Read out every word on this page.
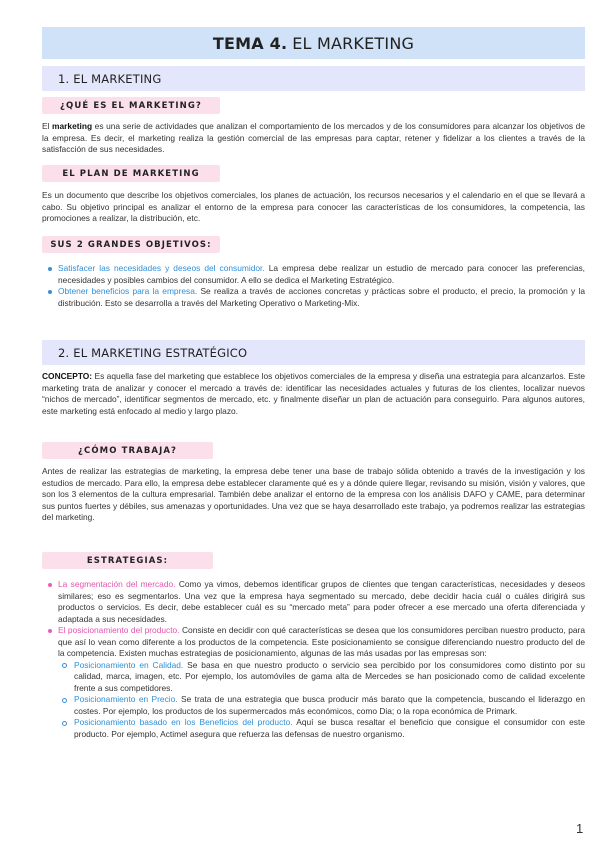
TEMA 4. EL MARKETING
1. EL MARKETING
¿QUÉ ES EL MARKETING?
El marketing es una serie de actividades que analizan el comportamiento de los mercados y de los consumidores para alcanzar los objetivos de la empresa. Es decir, el marketing realiza la gestión comercial de las empresas para captar, retener y fidelizar a los clientes a través de la satisfacción de sus necesidades.
EL PLAN DE MARKETING
Es un documento que describe los objetivos comerciales, los planes de actuación, los recursos necesarios y el calendario en el que se llevará a cabo. Su objetivo principal es analizar el entorno de la empresa para conocer las características de los consumidores, la competencia, las promociones a realizar, la distribución, etc.
SUS 2 GRANDES OBJETIVOS:
Satisfacer las necesidades y deseos del consumidor. La empresa debe realizar un estudio de mercado para conocer las preferencias, necesidades y posibles cambios del consumidor. A ello se dedica el Marketing Estratégico.
Obtener beneficios para la empresa. Se realiza a través de acciones concretas y prácticas sobre el producto, el precio, la promoción y la distribución. Esto se desarrolla a través del Marketing Operativo o Marketing-Mix.
2. EL MARKETING ESTRATÉGICO
CONCEPTO: Es aquella fase del marketing que establece los objetivos comerciales de la empresa y diseña una estrategia para alcanzarlos. Este marketing trata de analizar y conocer el mercado a través de: identificar las necesidades actuales y futuras de los clientes, localizar nuevos “nichos de mercado”, identificar segmentos de mercado, etc. y finalmente diseñar un plan de actuación para conseguirlo. Para algunos autores, este marketing está enfocado al medio y largo plazo.
¿CÓMO TRABAJA?
Antes de realizar las estrategias de marketing, la empresa debe tener una base de trabajo sólida obtenido a través de la investigación y los estudios de mercado. Para ello, la empresa debe establecer claramente qué es y a dónde quiere llegar, revisando su misión, visión y valores, que son los 3 elementos de la cultura empresarial. También debe analizar el entorno de la empresa con los análisis DAFO y CAME, para determinar sus puntos fuertes y débiles, sus amenazas y oportunidades. Una vez que se haya desarrollado este trabajo, ya podremos realizar las estrategias del marketing.
ESTRATEGIAS:
La segmentación del mercado. Como ya vimos, debemos identificar grupos de clientes que tengan características, necesidades y deseos similares; eso es segmentarlos. Una vez que la empresa haya segmentado su mercado, debe decidir hacia cuál o cuáles dirigirá sus productos o servicios. Es decir, debe establecer cuál es su “mercado meta” para poder ofrecer a ese mercado una oferta diferenciada y adaptada a sus necesidades.
El posicionamiento del producto. Consiste en decidir con qué características se desea que los consumidores perciban nuestro producto, para que así lo vean como diferente a los productos de la competencia. Este posicionamiento se consigue diferenciando nuestro producto del de la competencia. Existen muchas estrategias de posicionamiento, algunas de las más usadas por las empresas son:
Posicionamiento en Calidad. Se basa en que nuestro producto o servicio sea percibido por los consumidores como distinto por su calidad, marca, imagen, etc. Por ejemplo, los automóviles de gama alta de Mercedes se han posicionado como de calidad excelente frente a sus competidores.
Posicionamiento en Precio. Se trata de una estrategia que busca producir más barato que la competencia, buscando el liderazgo en costes. Por ejemplo, los productos de los supermercados más económicos, como Dia; o la ropa económica de Primark.
Posicionamiento basado en los Beneficios del producto. Aquí se busca resaltar el beneficio que consigue el consumidor con este producto. Por ejemplo, Actimel asegura que refuerza las defensas de nuestro organismo.
1
